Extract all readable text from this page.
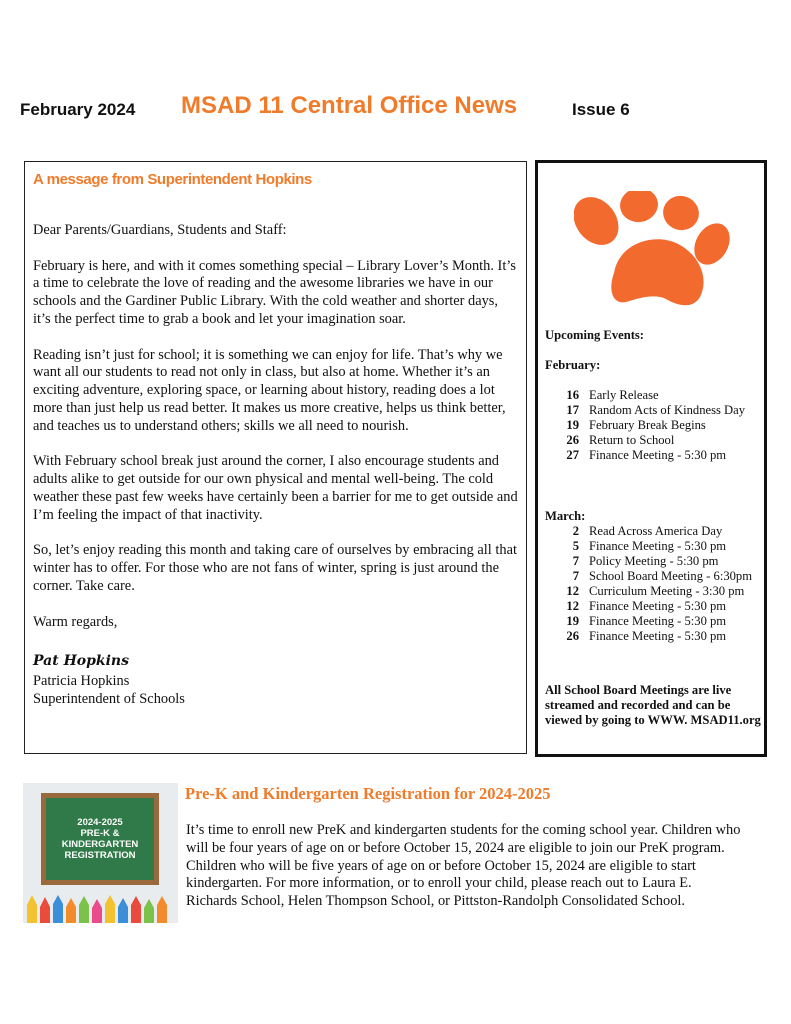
February 2024 MSAD 11 Central Office News	Issue 6
A message from Superintendent Hopkins

Dear Parents/Guardians, Students and Staff:

February is here, and with it comes something special – Library Lover’s Month. It’s a time to celebrate the love of reading and the awesome libraries we have in our schools and the Gardiner Public Library. With the cold weather and shorter days, it’s the perfect time to grab a book and let your imagination soar.

Reading isn’t just for school; it is something we can enjoy for life. That’s why we want all our students to read not only in class, but also at home. Whether it’s an exciting adventure, exploring space, or learning about history, reading does a lot more than just help us read better. It makes us more creative, helps us think better, and teaches us to understand others; skills we all need to nourish.

With February school break just around the corner, I also encourage students and adults alike to get outside for our own physical and mental well-being. The cold weather these past few weeks have certainly been a barrier for me to get outside and I’m feeling the impact of that inactivity.

So, let’s enjoy reading this month and taking care of ourselves by embracing all that winter has to offer. For those who are not fans of winter, spring is just around the corner. Take care.

Warm regards,

Pat Hopkins
Patricia Hopkins
Superintendent of Schools
Upcoming Events:
February:
16 Early Release
17 Random Acts of Kindness Day
19 February Break Begins
26 Return to School
27 Finance Meeting - 5:30 pm
March:
2 Read Across America Day
5 Finance Meeting - 5:30 pm
7 Policy Meeting - 5:30 pm
7 School Board Meeting - 6:30pm
12 Curriculum Meeting - 3:30 pm
12 Finance Meeting - 5:30 pm
19 Finance Meeting - 5:30 pm
26 Finance Meeting - 5:30 pm
All School Board Meetings are live streamed and recorded and can be viewed by going to WWW. MSAD11.org
2024-2025
PRE-K &
KINDERGARTEN
REGISTRATION
Pre-K and Kindergarten Registration for 2024-2025
It’s time to enroll new PreK and kindergarten students for the coming school year. Children who will be four years of age on or before October 15, 2024 are eligible to join our PreK program. Children who will be five years of age on or before October 15, 2024 are eligible to start kindergarten. For more information, or to enroll your child, please reach out to Laura E. Richards School, Helen Thompson School, or Pittston-Randolph Consolidated School.
